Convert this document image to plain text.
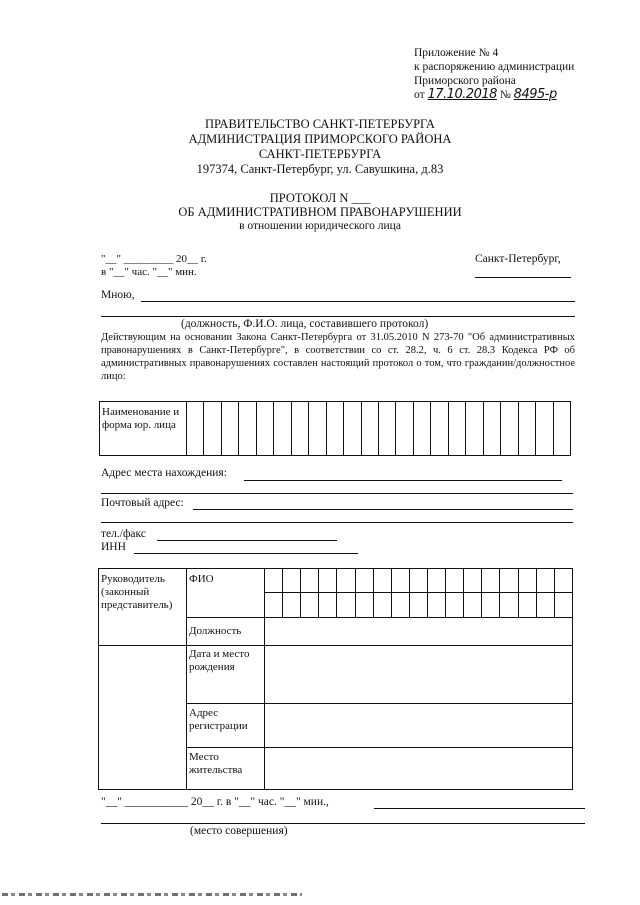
Приложение № 4
к распоряжению администрации
Приморского района
от 17.10.2018 № 8495-р
ПРАВИТЕЛЬСТВО САНКТ-ПЕТЕРБУРГА
АДМИНИСТРАЦИЯ ПРИМОРСКОГО РАЙОНА
САНКТ-ПЕТЕРБУРГА
197374, Санкт-Петербург, ул. Савушкина, д.83
ПРОТОКОЛ N ___
ОБ АДМИНИСТРАТИВНОМ ПРАВОНАРУШЕНИИ
в отношении юридического лица
"__" _________ 20__ г.
в "__" час. "__" мин.
Санкт-Петербург,
Мною,
(должность, Ф.И.О. лица, составившего протокол)
Действующим на основании Закона Санкт-Петербурга от 31.05.2010 N 273-70 "Об административных правонарушениях в Санкт-Петербурге", в соответствии со ст. 28.2, ч. 6 ст. 28.3 Кодекса РФ об административных правонарушениях составлен настоящий протокол о том, что гражданин/должностное лицо:
Наименование и форма юр. лица																						
Адрес места нахождения:
Почтовый адрес:
тел./факс
ИНН
Руководитель (законный представитель)	ФИО																	

	Должность																	
	Дата и место рождения																	
	Адрес регистрации																	
	Место жительства																	
"__" ___________ 20__ г. в "__" час. "__" мин.,
(место совершения)
